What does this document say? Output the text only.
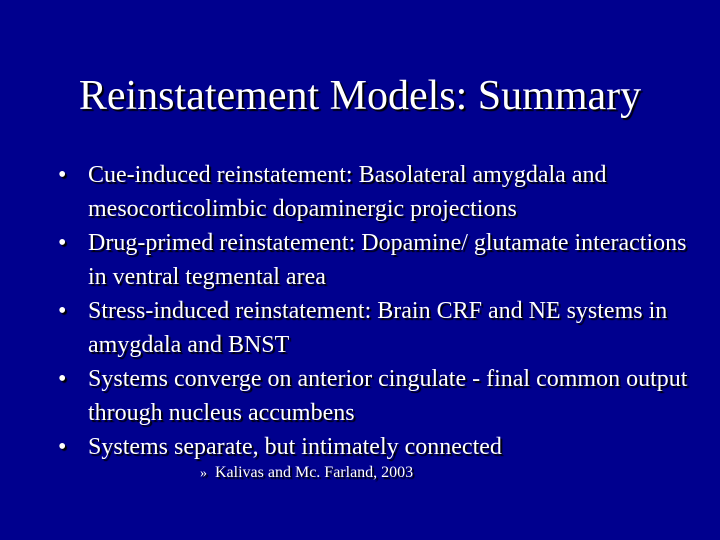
Reinstatement Models: Summary
• Cue-induced reinstatement: Basolateral amygdala and mesocorticolimbic dopaminergic projections
• Drug-primed reinstatement: Dopamine/ glutamate interactions in ventral tegmental area
• Stress-induced reinstatement: Brain CRF and NE systems in amygdala and BNST
• Systems converge on anterior cingulate - final common output through nucleus accumbens
• Systems separate, but intimately connected
» Kalivas and Mc. Farland, 2003
